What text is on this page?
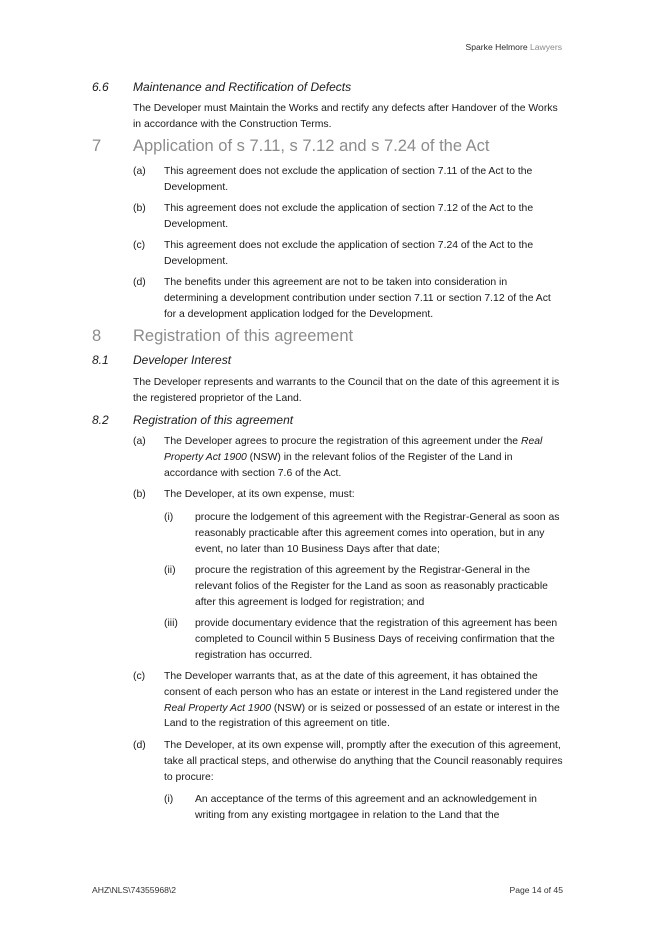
Sparke Helmore Lawyers
6.6 Maintenance and Rectification of Defects
The Developer must Maintain the Works and rectify any defects after Handover of the Works in accordance with the Construction Terms.
7 Application of s 7.11, s 7.12 and s 7.24 of the Act
(a) This agreement does not exclude the application of section 7.11 of the Act to the Development.
(b) This agreement does not exclude the application of section 7.12 of the Act to the Development.
(c) This agreement does not exclude the application of section 7.24 of the Act to the Development.
(d) The benefits under this agreement are not to be taken into consideration in determining a development contribution under section 7.11 or section 7.12 of the Act for a development application lodged for the Development.
8 Registration of this agreement
8.1 Developer Interest
The Developer represents and warrants to the Council that on the date of this agreement it is the registered proprietor of the Land.
8.2 Registration of this agreement
(a) The Developer agrees to procure the registration of this agreement under the Real Property Act 1900 (NSW) in the relevant folios of the Register of the Land in accordance with section 7.6 of the Act.
(b) The Developer, at its own expense, must:
(i) procure the lodgement of this agreement with the Registrar-General as soon as reasonably practicable after this agreement comes into operation, but in any event, no later than 10 Business Days after that date;
(ii) procure the registration of this agreement by the Registrar-General in the relevant folios of the Register for the Land as soon as reasonably practicable after this agreement is lodged for registration; and
(iii) provide documentary evidence that the registration of this agreement has been completed to Council within 5 Business Days of receiving confirmation that the registration has occurred.
(c) The Developer warrants that, as at the date of this agreement, it has obtained the consent of each person who has an estate or interest in the Land registered under the Real Property Act 1900 (NSW) or is seized or possessed of an estate or interest in the Land to the registration of this agreement on title.
(d) The Developer, at its own expense will, promptly after the execution of this agreement, take all practical steps, and otherwise do anything that the Council reasonably requires to procure:
(i) An acceptance of the terms of this agreement and an acknowledgement in writing from any existing mortgagee in relation to the Land that the
AHZ\NLS\74355968\2	Page 14 of 45
